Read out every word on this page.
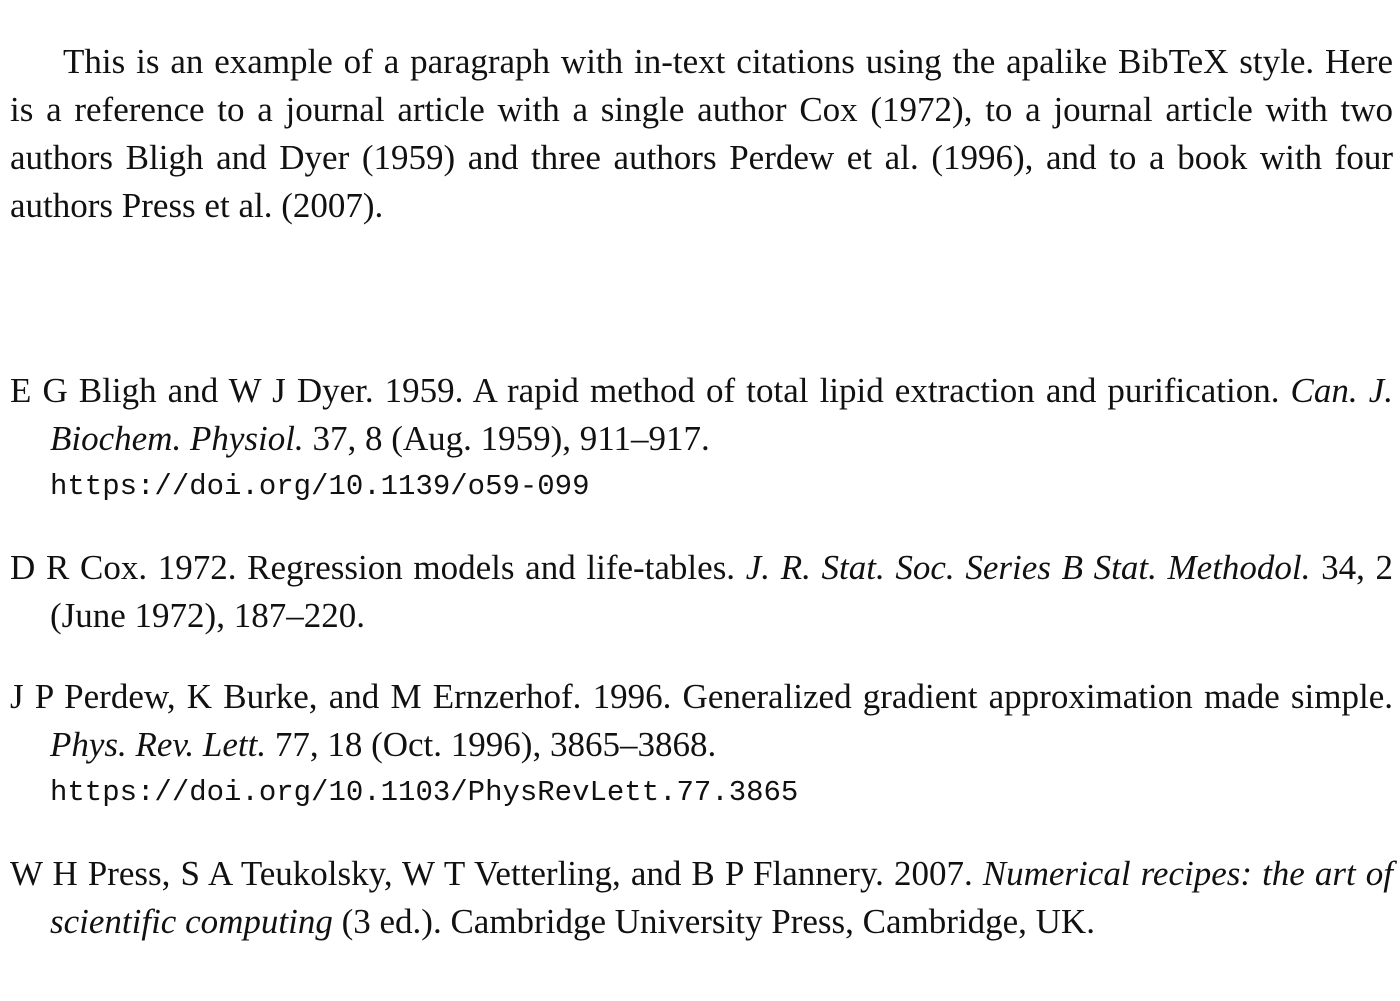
This is an example of a paragraph with in-text citations using the apalike BibTeX style. Here is a reference to a journal article with a single author Cox (1972), to a journal article with two authors Bligh and Dyer (1959) and three authors Perdew et al. (1996), and to a book with four authors Press et al. (2007).

E G Bligh and W J Dyer. 1959. A rapid method of total lipid extraction and purification. Can. J. Biochem. Physiol. 37, 8 (Aug. 1959), 911–917.
https://doi.org/10.1139/o59-099
D R Cox. 1972. Regression models and life-tables. J. R. Stat. Soc. Series B Stat. Methodol. 34, 2 (June 1972), 187–220.
J P Perdew, K Burke, and M Ernzerhof. 1996. Generalized gradient approximation made simple. Phys. Rev. Lett. 77, 18 (Oct. 1996), 3865–3868.
https://doi.org/10.1103/PhysRevLett.77.3865
W H Press, S A Teukolsky, W T Vetterling, and B P Flannery. 2007. Numerical recipes: the art of scientific computing (3 ed.). Cambridge University Press, Cambridge, UK.
